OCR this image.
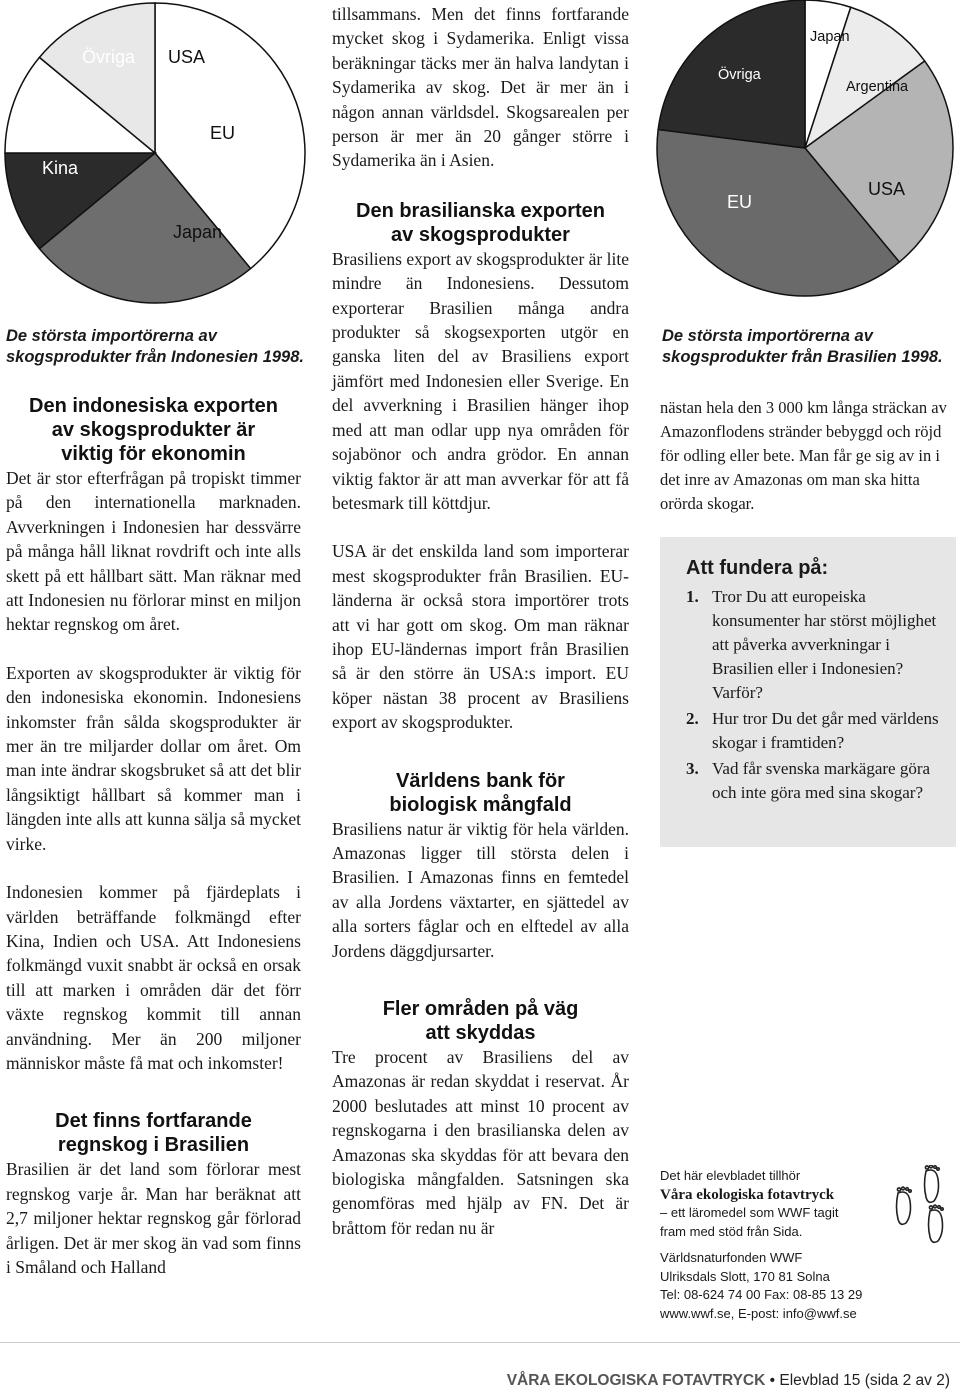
Övriga USA
Kina
EU
Japan
De största importörerna av skogsprodukter från Indonesien 1998.
Den indonesiska exporten av skogsprodukter är viktig för ekonomin

Det är stor efterfrågan på tropiskt timmer på den internationella marknaden. Avverkningen i Indonesien har dessvärre på många håll liknat rovdrift och inte alls skett på ett hållbart sätt. Man räknar med att Indonesien nu förlorar minst en miljon hektar regnskog om året.

Exporten av skogsprodukter är viktig för den indonesiska ekonomin. Indonesiens inkomster från sålda skogsprodukter är mer än tre miljarder dollar om året. Om man inte ändrar skogsbruket så att det blir långsiktigt hållbart så kommer man i längden inte alls att kunna sälja så mycket virke.

Indonesien kommer på fjärdeplats i världen beträffande folkmängd efter Kina, Indien och USA. Att Indonesiens folkmängd vuxit snabbt är också en orsak till att marken i områden där det förr växte regnskog kommit till annan användning. Mer än 200 miljoner människor måste få mat och inkomster!

Det finns fortfarande regnskog i Brasilien

Brasilien är det land som förlorar mest regnskog varje år. Man har beräknat att 2,7 miljoner hektar regnskog går förlorad årligen. Det är mer skog än vad som finns i Småland och Halland

tillsammans. Men det finns fortfarande mycket skog i Sydamerika. Enligt vissa beräkningar täcks mer än halva landytan i Sydamerika av skog. Det är mer än i någon annan världsdel. Skogsarealen per person är mer än 20 gånger större i Sydamerika än i Asien.

Den brasilianska exporten av skogsprodukter

Brasiliens export av skogsprodukter är lite mindre än Indonesiens. Dessutom exporterar Brasilien många andra produkter så skogsexporten utgör en ganska liten del av Brasiliens export jämfört med Indonesien eller Sverige. En del avverkning i Brasilien hänger ihop med att man odlar upp nya områden för sojabönor och andra grödor. En annan viktig faktor är att man avverkar för att få betesmark till köttdjur.

USA är det enskilda land som importerar mest skogsprodukter från Brasilien. EU-länderna är också stora importörer trots att vi har gott om skog. Om man räknar ihop EU-ländernas import från Brasilien så är den större än USA:s import. EU köper nästan 38 procent av Brasiliens export av skogsprodukter.

Världens bank för biologisk mångfald

Brasiliens natur är viktig för hela världen. Amazonas ligger till största delen i Brasilien. I Amazonas finns en femtedel av alla Jordens växtarter, en sjättedel av alla sorters fåglar och en elftedel av alla Jordens däggdjursarter.

Fler områden på väg att skyddas

Tre procent av Brasiliens del av Amazonas är redan skyddat i reservat. År 2000 beslutades att minst 10 procent av regnskogarna i den brasilianska delen av Amazonas ska skyddas för att bevara den biologiska mångfalden. Satsningen ska genomföras med hjälp av FN. Det är bråttom för redan nu är

Övriga
Japan
Argentina
USA
EU
De största importörerna av skogsprodukter från Brasilien 1998.

nästan hela den 3 000 km långa sträckan av Amazonflodens stränder bebyggd och röjd för odling eller bete. Man får ge sig av in i det inre av Amazonas om man ska hitta orörda skogar.

Att fundera på:
1. Tror Du att europeiska konsumenter har störst möjlighet att påverka avverkningar i Brasilien eller i Indonesien? Varför?
2. Hur tror Du det går med världens skogar i framtiden?
3. Vad får svenska markägare göra och inte göra med sina skogar?
Det här elevbladet tillhör
Våra ekologiska fotavtryck
– ett läromedel som WWF tagit
fram med stöd från Sida.
Världsnaturfonden WWF
Ulriksdals Slott, 170 81 Solna
Tel: 08-624 74 00 Fax: 08-85 13 29
www.wwf.se, E-post: info@wwf.se
VÅRA EKOLOGISKA FOTAVTRYCK • Elevblad 15 (sida 2 av 2)
